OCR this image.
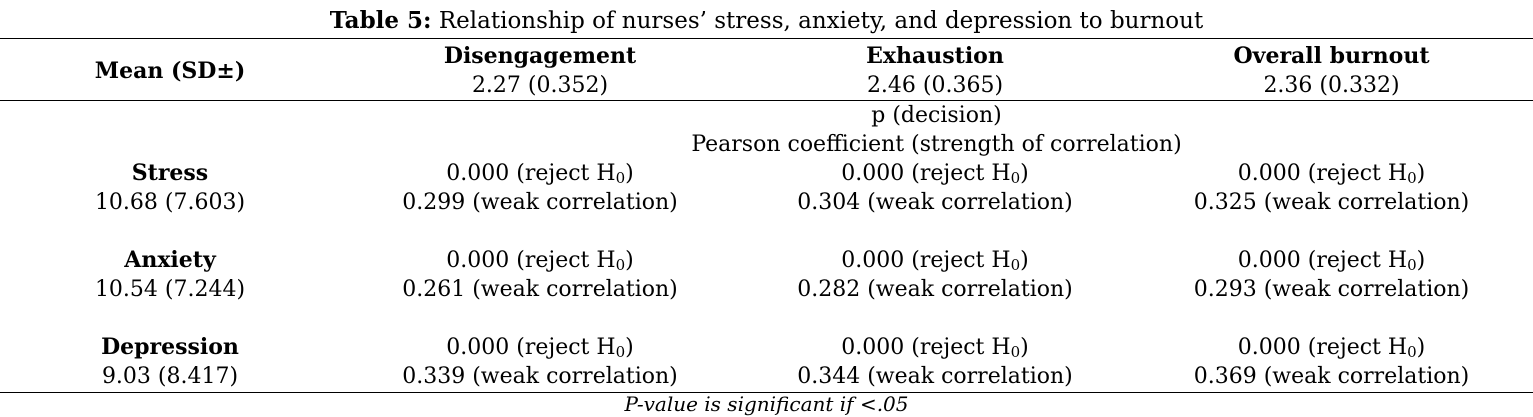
Table 5: Relationship of nurses’ stress, anxiety, and depression to burnout
Mean (SD±)
Disengagement
2.27 (0.352)
Exhaustion
2.46 (0.365)
Overall burnout
2.36 (0.332)
p (decision)
Pearson coefficient (strength of correlation)
Stress
10.68 (7.603)
0.000 (reject $H_0$)
0.299 (weak correlation)
0.000 (reject $H_0$)
0.304 (weak correlation)
0.000 (reject $H_0$)
0.325 (weak correlation)
Anxiety
10.54 (7.244)
0.000 (reject $H_0$)
0.261 (weak correlation)
0.000 (reject $H_0$)
0.282 (weak correlation)
0.000 (reject $H_0$)
0.293 (weak correlation)
Depression
9.03 (8.417)
0.000 (reject $H_0$)
0.339 (weak correlation)
0.000 (reject $H_0$)
0.344 (weak correlation)
0.000 (reject $H_0$)
0.369 (weak correlation)
P-value is significant if <.05
